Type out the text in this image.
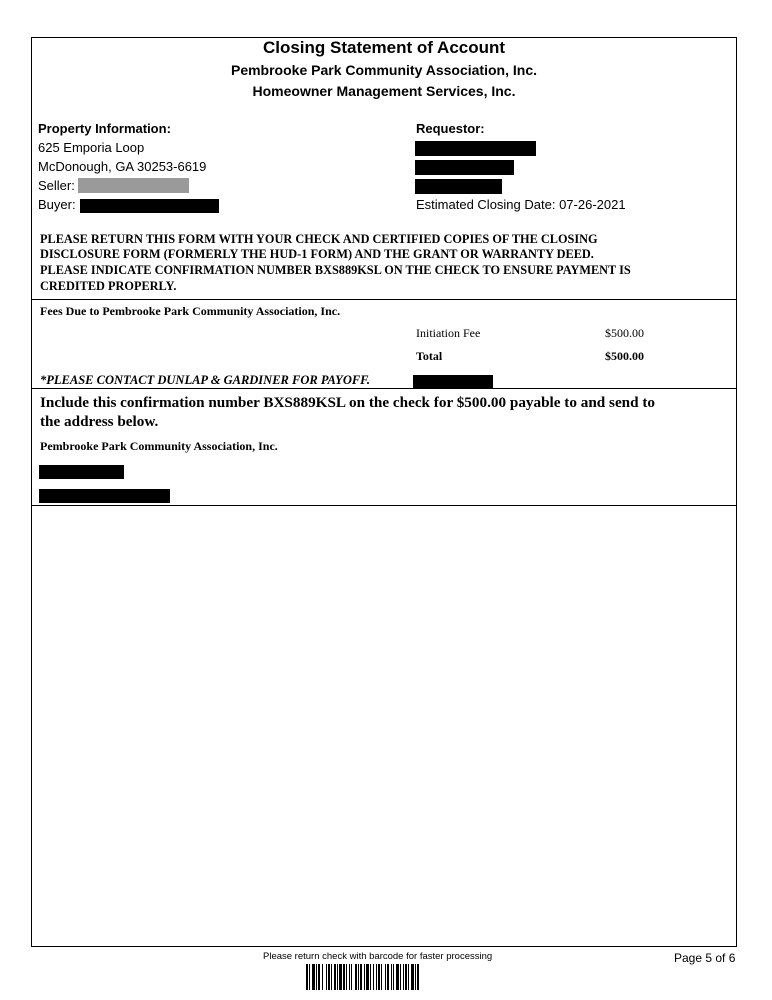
Closing Statement of Account
Pembrooke Park Community Association, Inc.
Homeowner Management Services, Inc.
Property Information:
625 Emporia Loop
McDonough, GA 30253-6619
Seller:
Buyer:
Requestor:
Estimated Closing Date: 07-26-2021
PLEASE RETURN THIS FORM WITH YOUR CHECK AND CERTIFIED COPIES OF THE CLOSING
DISCLOSURE FORM (FORMERLY THE HUD-1 FORM) AND THE GRANT OR WARRANTY DEED.
PLEASE INDICATE CONFIRMATION NUMBER BXS889KSL ON THE CHECK TO ENSURE PAYMENT IS
CREDITED PROPERLY.
Fees Due to Pembrooke Park Community Association, Inc.
Initiation Fee	$500.00
Total	$500.00
*PLEASE CONTACT DUNLAP & GARDINER FOR PAYOFF.
Include this confirmation number BXS889KSL on the check for $500.00 payable to and send to
the address below.
Pembrooke Park Community Association, Inc.
Please return check with barcode for faster processing	Page 5 of 6
